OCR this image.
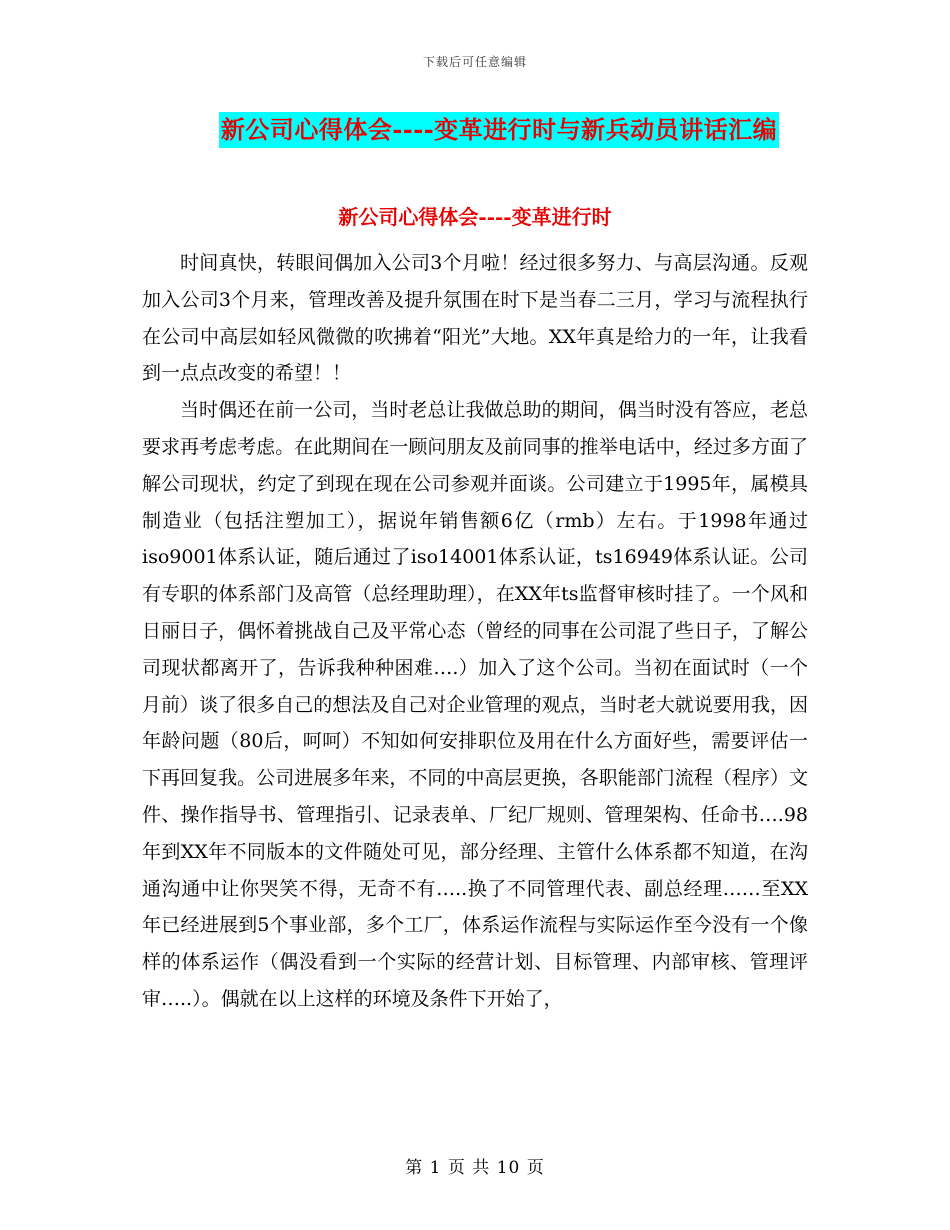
下载后可任意编辑
新公司心得体会----变革进行时与新兵动员讲话汇编
新公司心得体会----变革进行时

时间真快，转眼间偶加入公司3个月啦！经过很多努力、与高层沟通。反观加入公司3个月来，管理改善及提升氛围在时下是当春二三月，学习与流程执行在公司中高层如轻风微微的吹拂着“阳光”大地。XX年真是给力的一年，让我看到一点点改变的希望！！

当时偶还在前一公司，当时老总让我做总助的期间，偶当时没有答应，老总要求再考虑考虑。在此期间在一顾问朋友及前同事的推举电话中，经过多方面了解公司现状，约定了到现在现在公司参观并面谈。公司建立于1995年，属模具制造业（包括注塑加工），据说年销售额6亿（rmb）左右。于1998年通过iso9001体系认证，随后通过了iso14001体系认证，ts16949体系认证。公司有专职的体系部门及高管（总经理助理），在XX年ts监督审核时挂了。一个风和日丽日子，偶怀着挑战自己及平常心态（曾经的同事在公司混了些日子，了解公司现状都离开了，告诉我种种困难….）加入了这个公司。当初在面试时（一个月前）谈了很多自己的想法及自己对企业管理的观点，当时老大就说要用我，因年龄问题（80后，呵呵）不知如何安排职位及用在什么方面好些，需要评估一下再回复我。公司进展多年来，不同的中高层更换，各职能部门流程（程序）文件、操作指导书、管理指引、记录表单、厂纪厂规则、管理架构、任命书….98年到XX年不同版本的文件随处可见，部分经理、主管什么体系都不知道，在沟通沟通中让你哭笑不得，无奇不有…..换了不同管理代表、副总经理……至XX年已经进展到5个事业部，多个工厂，体系运作流程与实际运作至今没有一个像样的体系运作（偶没看到一个实际的经营计划、目标管理、内部审核、管理评审…..）。偶就在以上这样的环境及条件下开始了，

第 1 页 共 10 页
